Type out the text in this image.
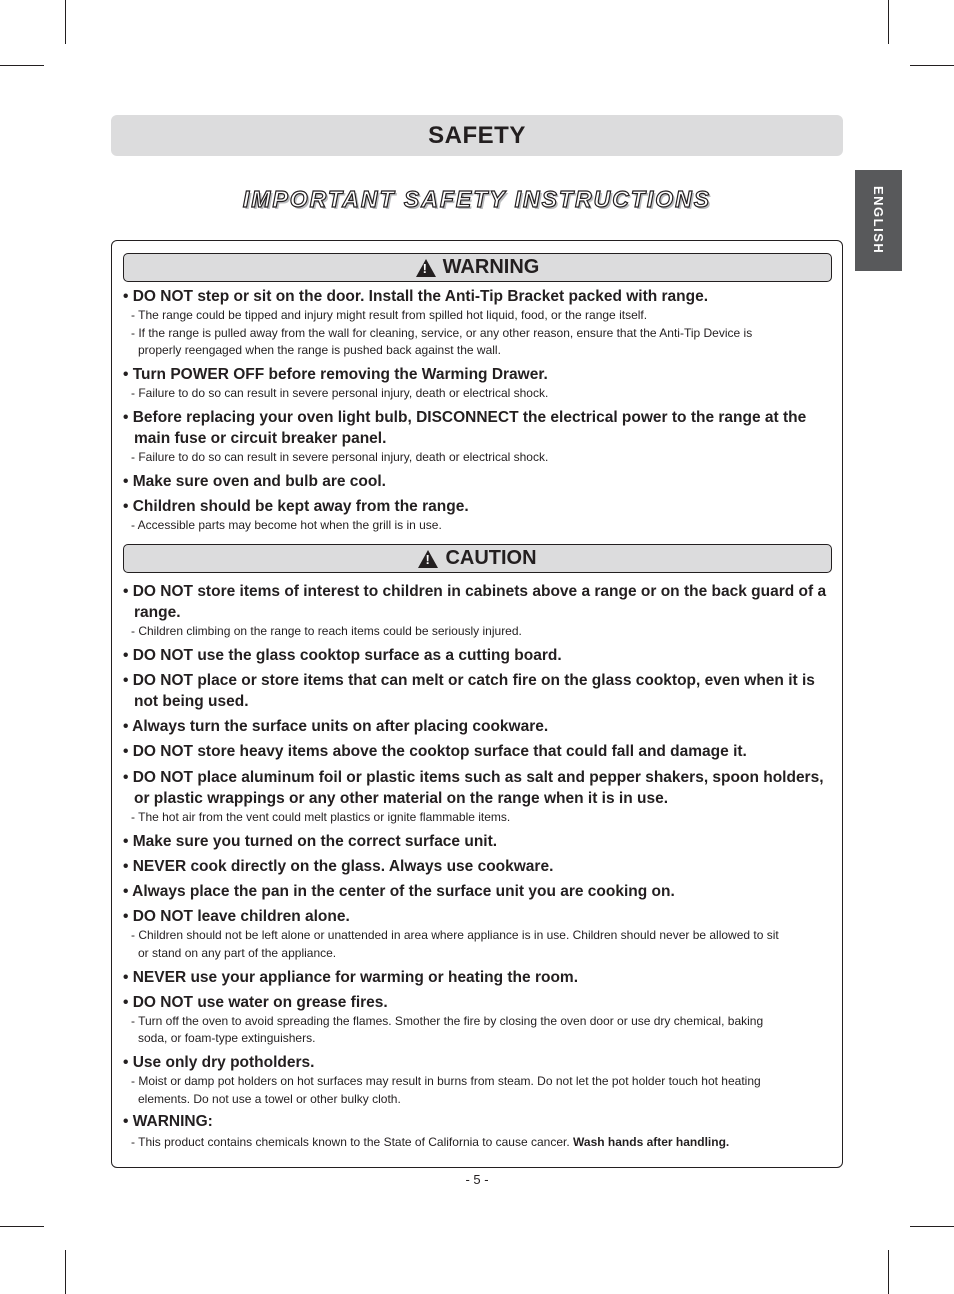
SAFETY
ENGLISH
IMPORTANT SAFETY INSTRUCTIONS
!
WARNING
!
CAUTION
• DO NOT step or sit on the door. Install the Anti-Tip Bracket packed with range.
- The range could be tipped and injury might result from spilled hot liquid, food, or the range itself.
- If the range is pulled away from the wall for cleaning, service, or any other reason, ensure that the Anti-Tip Device is
properly reengaged when the range is pushed back against the wall.
• Turn POWER OFF before removing the Warming Drawer.
- Failure to do so can result in severe personal injury, death or electrical shock.
• Before replacing your oven light bulb, DISCONNECT the electrical power to the range at the
main fuse or circuit breaker panel.
- Failure to do so can result in severe personal injury, death or electrical shock.
• Make sure oven and bulb are cool.
• Children should be kept away from the range.
- Accessible parts may become hot when the grill is in use.
• DO NOT store items of interest to children in cabinets above a range or on the back guard of a
range.
- Children climbing on the range to reach items could be seriously injured.
• DO NOT use the glass cooktop surface as a cutting board.
• DO NOT place or store items that can melt or catch fire on the glass cooktop, even when it is
not being used.
• Always turn the surface units on after placing cookware.
• DO NOT store heavy items above the cooktop surface that could fall and damage it.
• DO NOT place aluminum foil or plastic items such as salt and pepper shakers, spoon holders,
or plastic wrappings or any other material on the range when it is in use.
- The hot air from the vent could melt plastics or ignite flammable items.
• Make sure you turned on the correct surface unit.
• NEVER cook directly on the glass. Always use cookware.
• Always place the pan in the center of the surface unit you are cooking on.
• DO NOT leave children alone.
- Children should not be left alone or unattended in area where appliance is in use. Children should never be allowed to sit
or stand on any part of the appliance.
• NEVER use your appliance for warming or heating the room.
• DO NOT use water on grease fires.
- Turn off the oven to avoid spreading the flames. Smother the fire by closing the oven door or use dry chemical, baking
soda, or foam-type extinguishers.
• Use only dry potholders.
- Moist or damp pot holders on hot surfaces may result in burns from steam. Do not let the pot holder touch hot heating
elements. Do not use a towel or other bulky cloth.
• WARNING:
- This product contains chemicals known to the State of California to cause cancer. Wash hands after handling.
- 5 -
